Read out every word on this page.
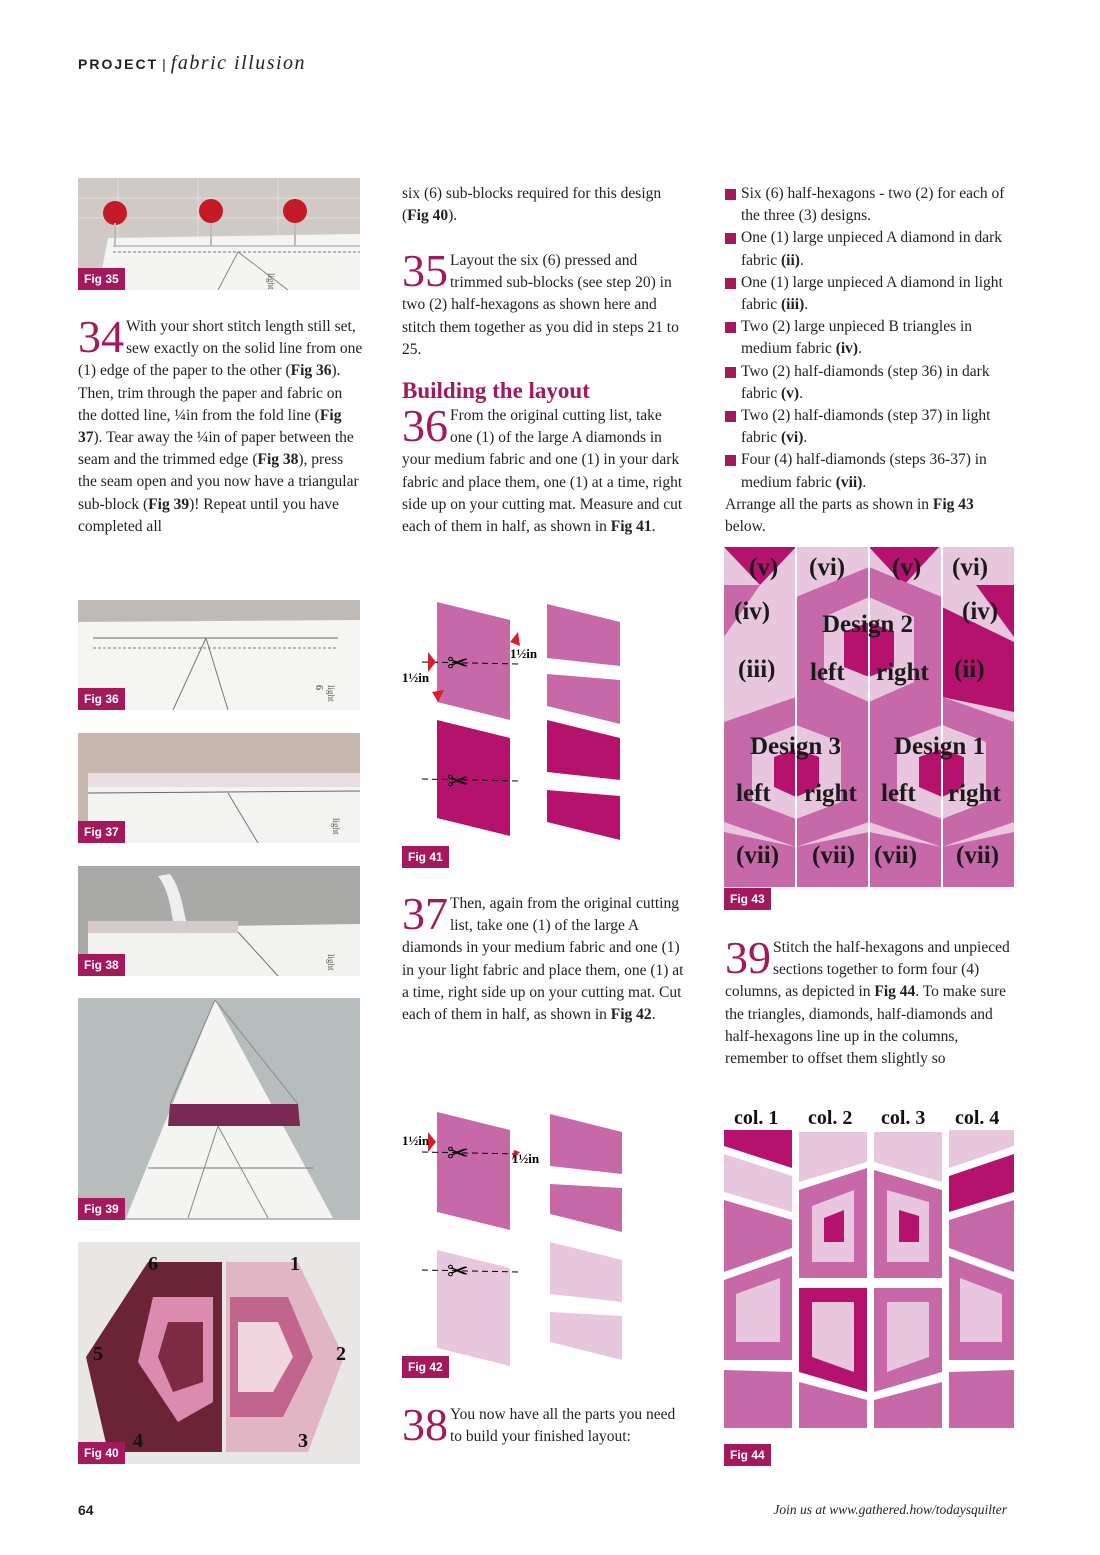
PROJECT | fabric illusion
light
Fig 35
34 With your short stitch length still set, sew exactly on the solid line from one (1) edge of the paper to the other (Fig 36). Then, trim through the paper and fabric on the dotted line, ¼in from the fold line (Fig 37). Tear away the ¼in of paper between the seam and the trimmed edge (Fig 38), press the seam open and you now have a triangular sub-block (Fig 39)! Repeat until you have completed all

light
6
Fig 36
light
Fig 37
light
Fig 38
Fig 39
6	1
5	2
4	3
Fig 40

six (6) sub-blocks required for this design (Fig 40).

35 Layout the six (6) pressed and trimmed sub-blocks (see step 20) in two (2) half-hexagons as shown here and stitch them together as you did in steps 21 to 25.

Building the layout
36 From the original cutting list, take one (1) of the large A diamonds in your medium fabric and one (1) in your dark fabric and place them, one (1) at a time, right side up on your cutting mat. Measure and cut each of them in half, as shown in Fig 41.

✂
1½in
1½in
✂
Fig 41
37 Then, again from the original cutting list, take one (1) of the large A diamonds in your medium fabric and one (1) in your light fabric and place them, one (1) at a time, right side up on your cutting mat. Cut each of them in half, as shown in Fig 42.

✂
1½in
1½in
✂
Fig 42
38 You now have all the parts you need to build your finished layout:

Six (6) half-hexagons - two (2) for each of the three (3) designs.
One (1) large unpieced A diamond in dark fabric (ii).
One (1) large unpieced A diamond in light fabric (iii).
Two (2) large unpieced B triangles in medium fabric (iv).
Two (2) half-diamonds (step 36) in dark fabric (v).
Two (2) half-diamonds (step 37) in light fabric (vi).
Four (4) half-diamonds (steps 36-37) in medium fabric (vii).

Arrange all the parts as shown in Fig 43 below.

(v) (vi) (v) (vi)
(iv)	(iv)
Design 2
(iii) left right (ii)
Design 3 Design 1
left right left right
(vii) (vii) (vii) (vii)
Fig 43
39 Stitch the half-hexagons and unpieced sections together to form four (4) columns, as depicted in Fig 44. To make sure the triangles, diamonds, half-diamonds and half-hexagons line up in the columns, remember to offset them slightly so

col. 1 col. 2 col. 3 col. 4
Fig 44
64	Join us at www.gathered.how/todaysquilter
